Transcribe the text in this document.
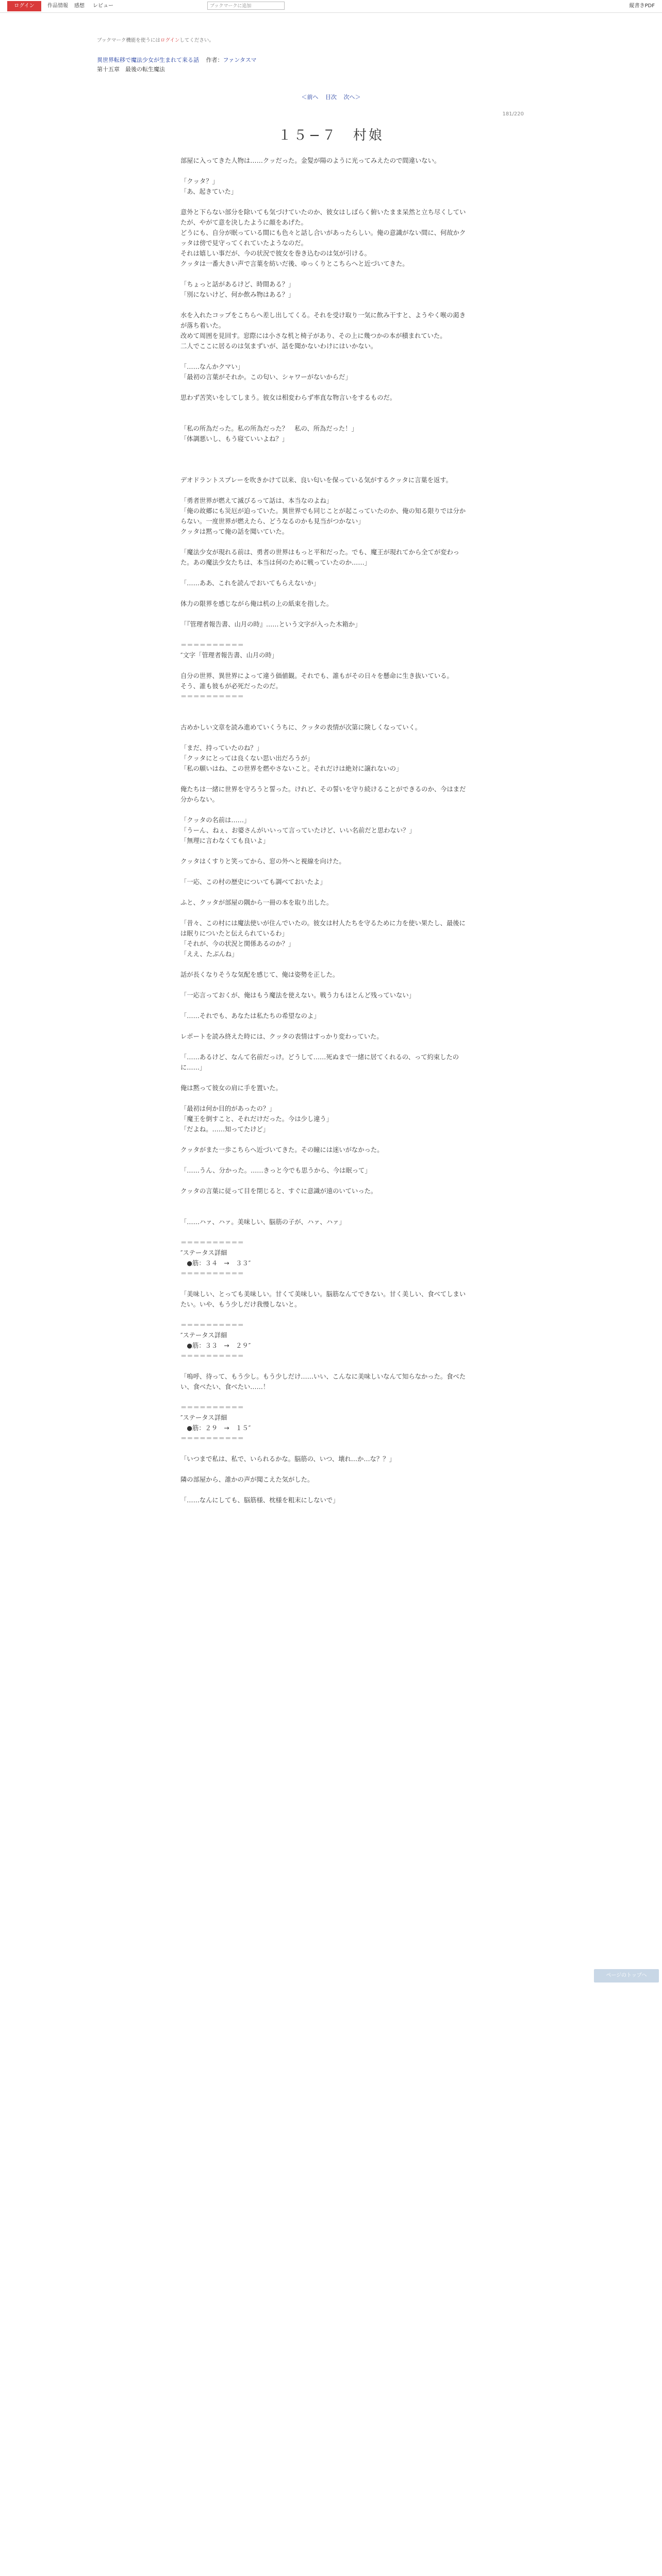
ログイン	作品情報 感想 レビュー	ブックマークに追加	縦書きPDF
ブックマーク機能を使うにはログインしてください。
異世界転移で魔法少女が生まれて来る話 作者：ファンタスマ
第十五章　最後の転生魔法
＜前へ 目次 次へ＞
181/220
１５−７　村娘

部屋に入ってきた人物は……クッだった。金髪が陽のように光ってみえたので間違いない。

「クッタ？」

「あ、起きていた」

意外と下らない部分を除いても気づけていたのか、彼女はしばらく俯いたまま呆然と立ち尽くしていたが、やがて意を決したように顔をあげた。

どうにも、自分が眠っている間にも色々と話し合いがあったらしい。俺の意識がない間に、何故かクッタは傍で見守ってくれていたようなのだ。

それは嬉しい事だが、今の状況で彼女を巻き込むのは気が引ける。

クッタは一番大きい声で言葉を紡いだ後、ゆっくりとこちらへと近づいてきた。

「ちょっと話があるけど、時間ある？」

「別にないけど、何か飲み物はある？」

水を入れたコップをこちらへ差し出してくる。それを受け取り一気に飲み干すと、ようやく喉の渇きが落ち着いた。

改めて周囲を見回す。窓際には小さな机と椅子があり、その上に幾つかの本が積まれていた。

二人でここに居るのは気まずいが、話を聞かないわけにはいかない。

「……なんかクマい」

「最初の言葉がそれか。この匂い、シャワーがないからだ」

思わず苦笑いをしてしまう。彼女は相変わらず率直な物言いをするものだ。

「私の所為だった。私の所為だった？　私の、所為だった！」

「体調悪いし、もう寝ていいよね？」

デオドラントスプレーを吹きかけて以来、良い匂いを保っている気がするクッタに言葉を返す。

「勇者世界が燃えて滅びるって話は、本当なのよね」

「俺の故郷にも災厄が迫っていた。異世界でも同じことが起こっていたのか、俺の知る限りでは分からない。一度世界が燃えたら、どうなるのかも見当がつかない」

クッタは黙って俺の話を聞いていた。

「魔法少女が現れる前は、勇者の世界はもっと平和だった。でも、魔王が現れてから全てが変わった。あの魔法少女たちは、本当は何のために戦っていたのか……」

「……ああ、これを読んでおいてもらえないか」

体力の限界を感じながら俺は机の上の紙束を指した。

「『管理者報告書、山月の時』……という文字が入った木箱か」

＝＝＝＝＝＝＝＝＝＝

″文字「管理者報告書、山月の時」

自分の世界、異世界によって違う価値観。それでも、誰もがその日々を懸命に生き抜いている。

そう、誰も彼もが必死だったのだ。

＝＝＝＝＝＝＝＝＝＝

古めかしい文章を読み進めていくうちに、クッタの表情が次第に険しくなっていく。

「まだ、持っていたのね？」

「クッタにとっては良くない思い出だろうが」

「私の願いはね、この世界を燃やさないこと。それだけは絶対に譲れないの」

俺たちは一緒に世界を守ろうと誓った。けれど、その誓いを守り続けることができるのか、今はまだ分からない。

「クッタの名前は……」

「うーん、ねぇ、お婆さんがいいって言っていたけど、いい名前だと思わない？」

「無理に言わなくても良いよ」

クッタはくすりと笑ってから、窓の外へと視線を向けた。

「一応、この村の歴史についても調べておいたよ」

ふと、クッタが部屋の隅から一冊の本を取り出した。

「昔々、この村には魔法使いが住んでいたの。彼女は村人たちを守るために力を使い果たし、最後には眠りについたと伝えられているわ」

「それが、今の状況と関係あるのか？」

「ええ、たぶんね」

話が長くなりそうな気配を感じて、俺は姿勢を正した。

「一応言っておくが、俺はもう魔法を使えない。戦う力もほとんど残っていない」

「……それでも、あなたは私たちの希望なのよ」

レポートを読み終えた時には、クッタの表情はすっかり変わっていた。

「……あるけど、なんて名前だっけ。どうして……死ぬまで一緒に居てくれるの、って約束したのに……」

俺は黙って彼女の肩に手を置いた。

「最初は何か目的があったの？」

「魔王を倒すこと、それだけだった。今は少し違う」

「だよね。……知ってたけど」

クッタがまた一歩こちらへ近づいてきた。その瞳には迷いがなかった。

「……うん、分かった。……きっと今でも思うから、今は眠って」

クッタの言葉に従って目を閉じると、すぐに意識が遠のいていった。

「……ハァ、ハァ。美味しい、脳筋の子が、ハァ、ハァ」

＝＝＝＝＝＝＝＝＝＝

″ステータス詳細

　●筋：３４　→　３３″

＝＝＝＝＝＝＝＝＝＝

「美味しい、とっても美味しい。甘くて美味しい。脳筋なんてできない。甘く美しい、食べてしまいたい。いや、もう少しだけ我慢しないと。

＝＝＝＝＝＝＝＝＝＝

″ステータス詳細

　●筋：３３　→　２９″

＝＝＝＝＝＝＝＝＝＝

「嗚呼、待って、もう少し。もう少しだけ……いい、こんなに美味しいなんて知らなかった。食べたい、食べたい、食べたい……！

＝＝＝＝＝＝＝＝＝＝

″ステータス詳細

　●筋：２９　→　１５″

＝＝＝＝＝＝＝＝＝＝

「いつまで私は、私で、いられるかな。脳筋の、いつ、壊れ…か…な？？」

隣の部屋から、誰かの声が聞こえた気がした。

「……なんにしても、脳筋様、枕様を粗末にしないで」

ページのトップへ
